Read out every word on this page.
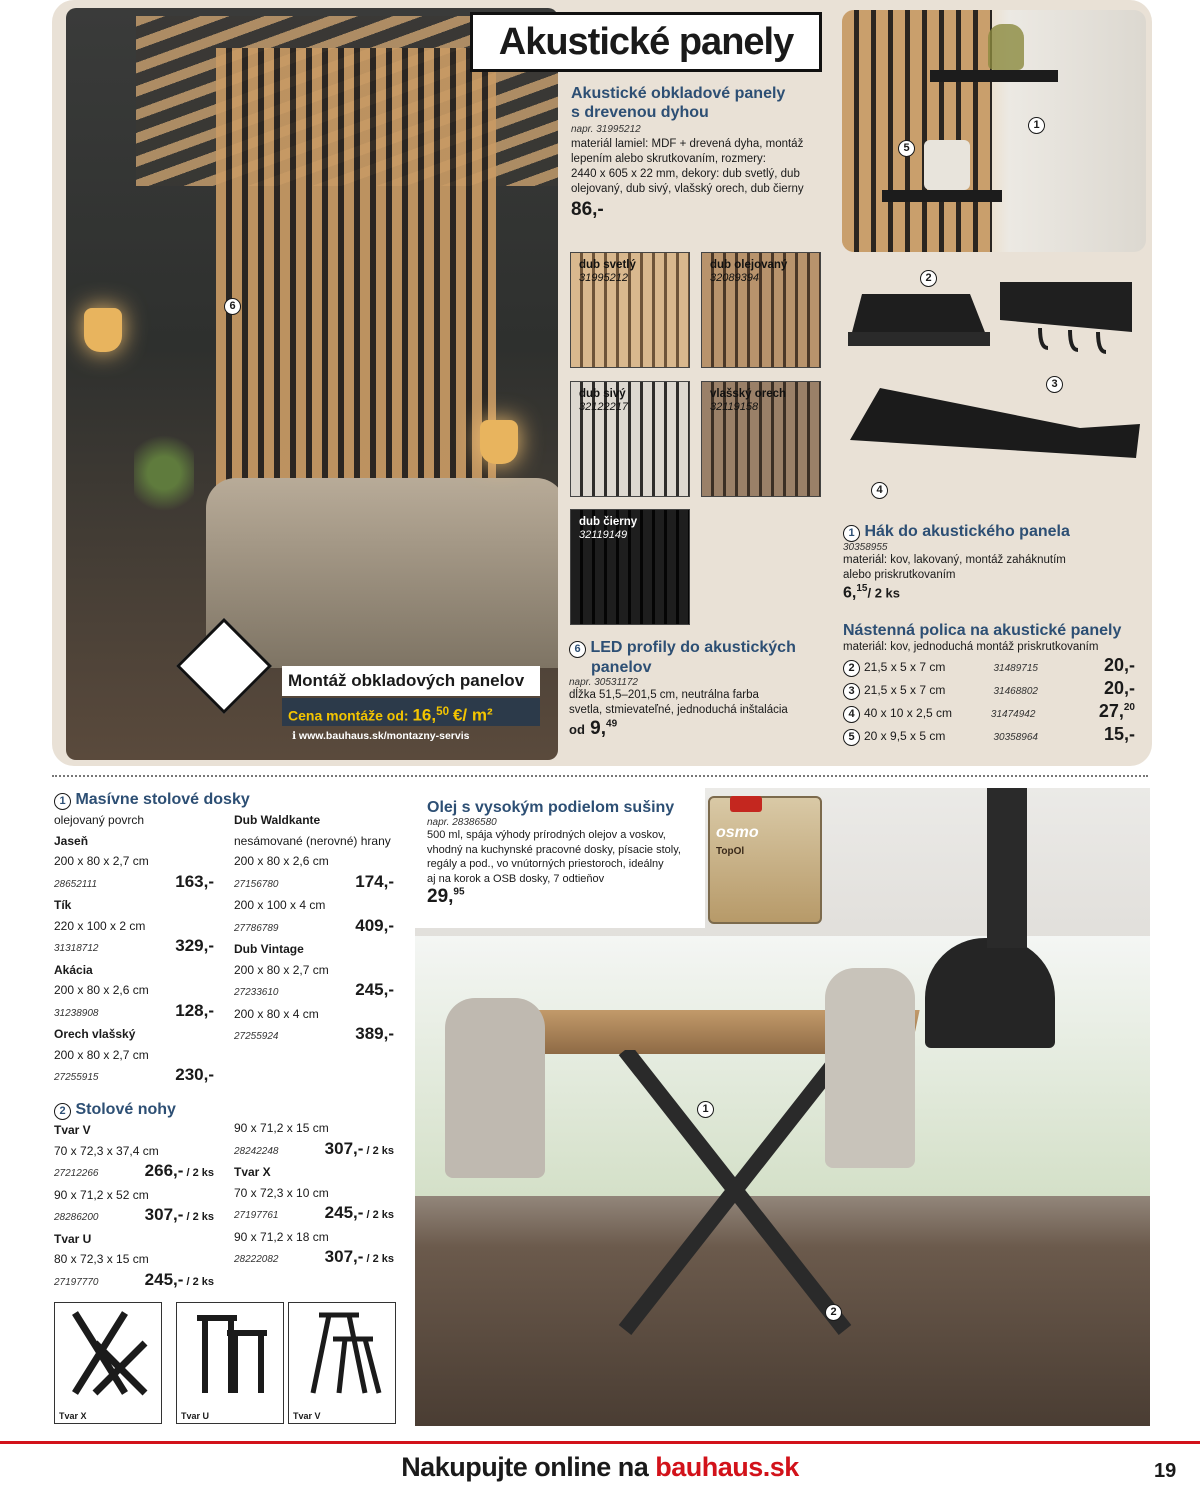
6
Akustické panely
Akustické obkladové panely
s drevenou dyhou
napr. 31995212
materiál lamiel: MDF + drevená dyha, montáž
lepením alebo skrutkovaním, rozmery:
2440 x 605 x 22 mm, dekory: dub svetlý, dub
olejovaný, dub sivý, vlašský orech, dub čierny
86,-
dub svetlý
31995212
dub olejovaný
32089394
dub sivý
32122217
vlašský orech
32119158
dub čierny
32119149
5
1
2
3
4
6 LED profily do akustických
panelov
napr. 30531172
dĺžka 51,5–201,5 cm, neutrálna farba
svetla, stmievateľné, jednoduchá inštalácia
od 9,49
Montáž obkladových panelov
Cena montáže od: 16,50 €/ m²
ℹ www.bauhaus.sk/montazny-servis
1 Hák do akustického panela
30358955
materiál: kov, lakovaný, montáž zaháknutím
alebo priskrutkovaním
6,15/ 2 ks
Nástenná polica na akustické panely
materiál: kov, jednoduchá montáž priskrutkovaním
2 21,5 x 5 x 7 cm	31489715	20,-
3 21,5 x 5 x 7 cm	31468802	20,-
4 40 x 10 x 2,5 cm	31474942	27,20
5 20 x 9,5 x 5 cm	30358964	15,-
1 Masívne stolové dosky
olejovaný povrch
Jaseň
200 x 80 x 2,7 cm
28652111	163,-
Tík
220 x 100 x 2 cm
31318712	329,-
Akácia
200 x 80 x 2,6 cm
31238908	128,-
Orech vlašský
200 x 80 x 2,7 cm
27255915	230,-
Dub Waldkante
nesámované (nerovné) hrany
200 x 80 x 2,6 cm
27156780	174,-
200 x 100 x 4 cm
27786789	409,-
Dub Vintage
200 x 80 x 2,7 cm
27233610	245,-
200 x 80 x 4 cm
27255924	389,-
2 Stolové nohy
Tvar V
70 x 72,3 x 37,4 cm
27212266	266,- / 2 ks
90 x 71,2 x 52 cm
28286200	307,- / 2 ks
Tvar U
80 x 72,3 x 15 cm
27197770	245,- / 2 ks
90 x 71,2 x 15 cm
28242248	307,- / 2 ks
Tvar X
70 x 72,3 x 10 cm
27197761	245,- / 2 ks
90 x 71,2 x 18 cm
28222082	307,- / 2 ks
Tvar X	Tvar U	Tvar V
1
2
Olej s vysokým podielom sušiny
napr. 28386580
500 ml, spája výhody prírodných olejov a voskov,
vhodný na kuchynské pracovné dosky, písacie stoly,
regály a pod., vo vnútorných priestoroch, ideálny
aj na korok a OSB dosky, 7 odtieňov
29,95
osmo
TopOl
Nakupujte online na bauhaus.sk	19
